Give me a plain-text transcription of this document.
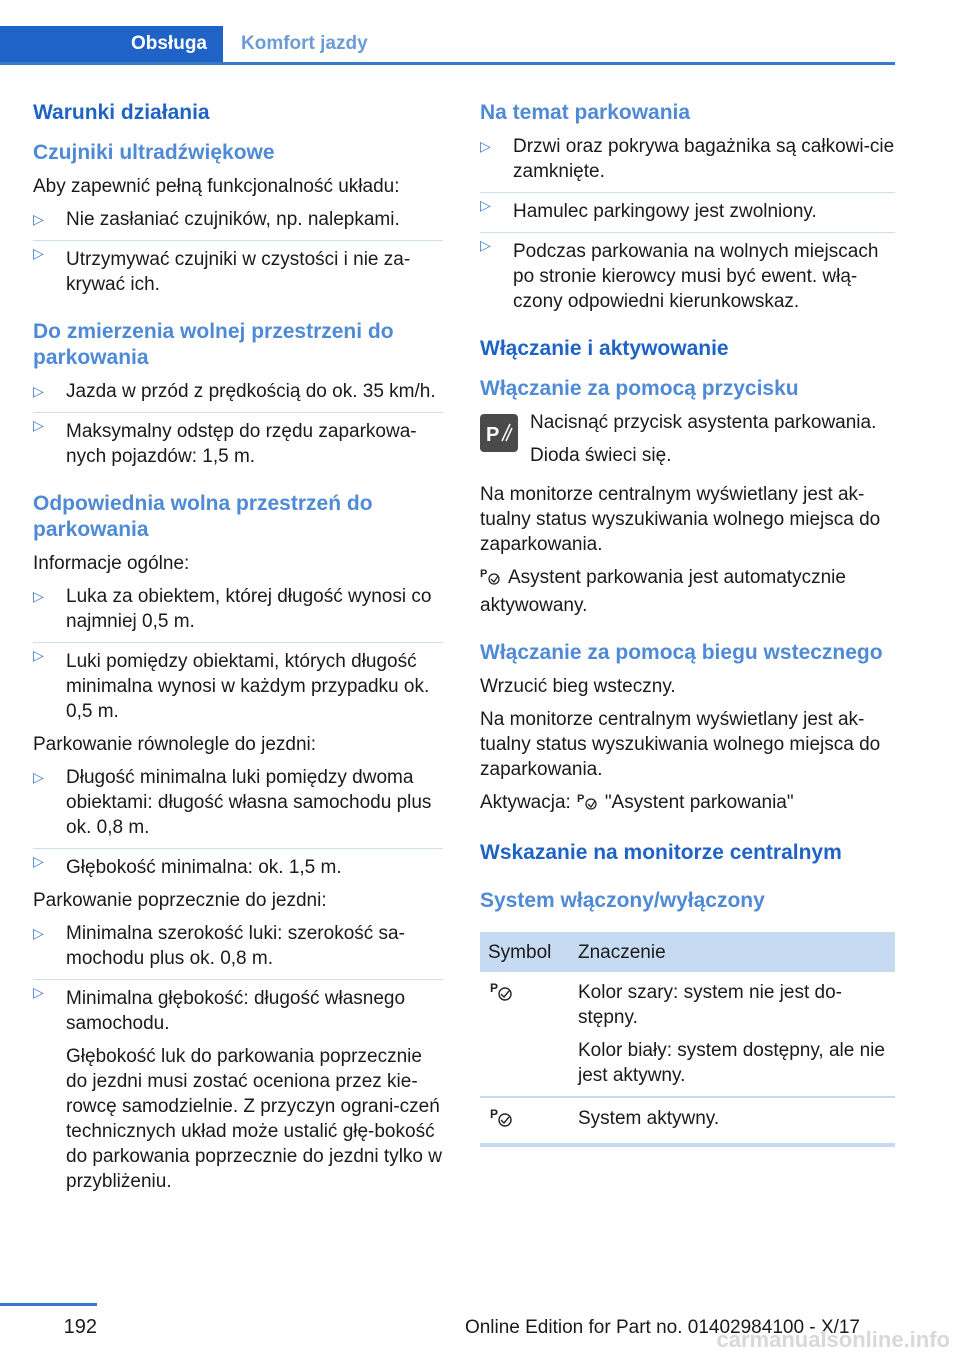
Obsługa	Komfort jazdy
Warunki działania
Czujniki ultradźwiękowe
Aby zapewnić pełną funkcjonalność układu:
▷ Nie zasłaniać czujników, np. nalepkami.
▷ Utrzymywać czujniki w czystości i nie za-krywać ich.
Do zmierzenia wolnej przestrzeni do parkowania
▷ Jazda w przód z prędkością do ok. 35 km/h.
▷ Maksymalny odstęp do rzędu zaparkowa-nych pojazdów: 1,5 m.
Odpowiednia wolna przestrzeń do parkowania
Informacje ogólne:
▷ Luka za obiektem, której długość wynosi co najmniej 0,5 m.
▷ Luki pomiędzy obiektami, których długość minimalna wynosi w każdym przypadku ok. 0,5 m.
Parkowanie równolegle do jezdni:
▷ Długość minimalna luki pomiędzy dwoma obiektami: długość własna samochodu plus ok. 0,8 m.
▷ Głębokość minimalna: ok. 1,5 m.
Parkowanie poprzecznie do jezdni:
▷ Minimalna szerokość luki: szerokość sa-mochodu plus ok. 0,8 m.
▷ Minimalna głębokość: długość własnego samochodu.
Głębokość luk do parkowania poprzecznie do jezdni musi zostać oceniona przez kie-rowcę samodzielnie. Z przyczyn ograni-czeń technicznych układ może ustalić głę-bokość do parkowania poprzecznie do jezdni tylko w przybliżeniu.
Na temat parkowania
▷ Drzwi oraz pokrywa bagażnika są całkowi-cie zamknięte.
▷ Hamulec parkingowy jest zwolniony.
▷ Podczas parkowania na wolnych miejscach po stronie kierowcy musi być ewent. włą-czony odpowiedni kierunkowskaz.
Włączanie i aktywowanie
Włączanie za pomocą przycisku
P
Nacisnąć przycisk asystenta parkowania.
Dioda świeci się.
Na monitorze centralnym wyświetlany jest ak-tualny status wyszukiwania wolnego miejsca do zaparkowania.
P Asystent parkowania jest automatycznie aktywowany.
Włączanie za pomocą biegu wstecznego
Wrzucić bieg wsteczny.
Na monitorze centralnym wyświetlany jest ak-tualny status wyszukiwania wolnego miejsca do zaparkowania.
Aktywacja: P "Asystent parkowania"
Wskazanie na monitorze centralnym
System włączony/wyłączony
Symbol	Znaczenie

P	Kolor szary: system nie jest do-stępny.
Kolor biały: system dostępny, ale nie jest aktywny.

P	System aktywny.
192	Online Edition for Part no. 01402984100 - X/17
carmanualsonline.info
